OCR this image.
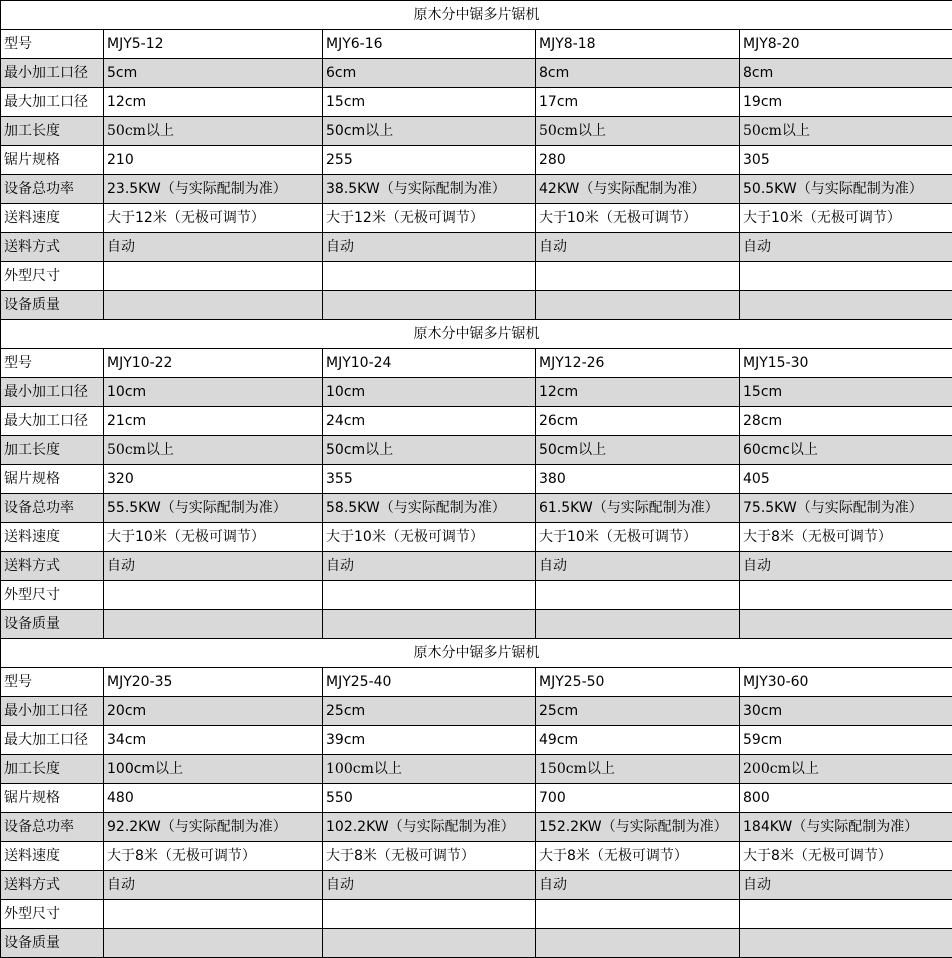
原木分中锯多片锯机				
型号	MJY5-12	MJY6-16	MJY8-18	MJY8-20
最小加工口径	5cm	6cm	8cm	8cm
最大加工口径	12cm	15cm	17cm	19cm
加工长度	50cm以上	50cm以上	50cm以上	50cm以上
锯片规格	210	255	280	305
设备总功率	23.5KW（与实际配制为准）	38.5KW（与实际配制为准）	42KW（与实际配制为准）	50.5KW（与实际配制为准）
送料速度	大于12米（无极可调节）	大于12米（无极可调节）	大于10米（无极可调节）	大于10米（无极可调节）
送料方式	自动	自动	自动	自动
外型尺寸				
设备质量				
原木分中锯多片锯机				
型号	MJY10-22	MJY10-24	MJY12-26	MJY15-30
最小加工口径	10cm	10cm	12cm	15cm
最大加工口径	21cm	24cm	26cm	28cm
加工长度	50cm以上	50cm以上	50cm以上	60cmc以上
锯片规格	320	355	380	405
设备总功率	55.5KW（与实际配制为准）	58.5KW（与实际配制为准）	61.5KW（与实际配制为准）	75.5KW（与实际配制为准）
送料速度	大于10米（无极可调节）	大于10米（无极可调节）	大于10米（无极可调节）	大于8米（无极可调节）
送料方式	自动	自动	自动	自动
外型尺寸				
设备质量				
原木分中锯多片锯机				
型号	MJY20-35	MJY25-40	MJY25-50	MJY30-60
最小加工口径	20cm	25cm	25cm	30cm
最大加工口径	34cm	39cm	49cm	59cm
加工长度	100cm以上	100cm以上	150cm以上	200cm以上
锯片规格	480	550	700	800
设备总功率	92.2KW（与实际配制为准）	102.2KW（与实际配制为准）	152.2KW（与实际配制为准）	184KW（与实际配制为准）
送料速度	大于8米（无极可调节）	大于8米（无极可调节）	大于8米（无极可调节）	大于8米（无极可调节）
送料方式	自动	自动	自动	自动
外型尺寸				
设备质量				
